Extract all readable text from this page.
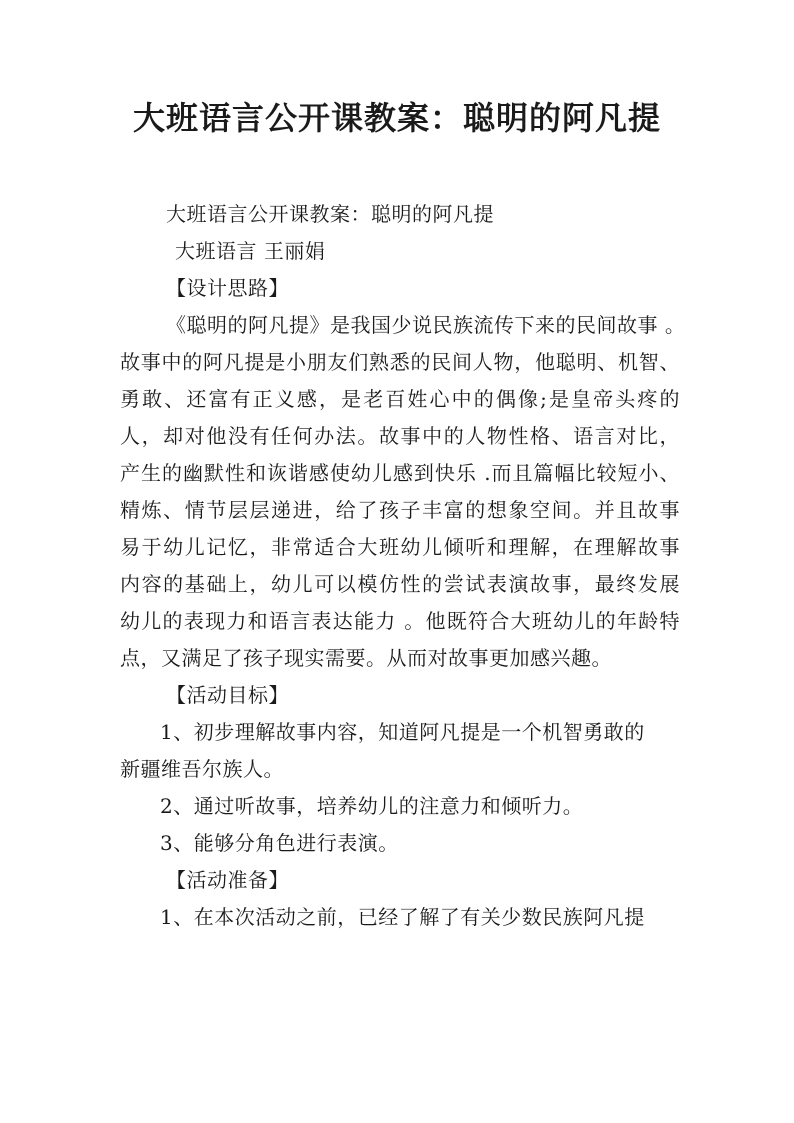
大班语言公开课教案：聪明的阿凡提
大班语言公开课教案：聪明的阿凡提
大班语言 王丽娟
【设计思路】
《聪明的阿凡提》是我国少说民族流传下来的民间故事 。
故事中的阿凡提是小朋友们熟悉的民间人物，他聪明、机智、
勇敢、还富有正义感，是老百姓心中的偶像;是皇帝头疼的
人，却对他没有任何办法。故事中的人物性格、语言对比，
产生的幽默性和诙谐感使幼儿感到快乐 .而且篇幅比较短小、
精炼、情节层层递进，给了孩子丰富的想象空间。并且故事
易于幼儿记忆，非常适合大班幼儿倾听和理解，在理解故事
内容的基础上，幼儿可以模仿性的尝试表演故事，最终发展
幼儿的表现力和语言表达能力 。他既符合大班幼儿的年龄特
点，又满足了孩子现实需要。从而对故事更加感兴趣。
【活动目标】
1、初步理解故事内容，知道阿凡提是一个机智勇敢的
新疆维吾尔族人。
2、通过听故事，培养幼儿的注意力和倾听力。
3、能够分角色进行表演。
【活动准备】
1、在本次活动之前，已经了解了有关少数民族阿凡提
